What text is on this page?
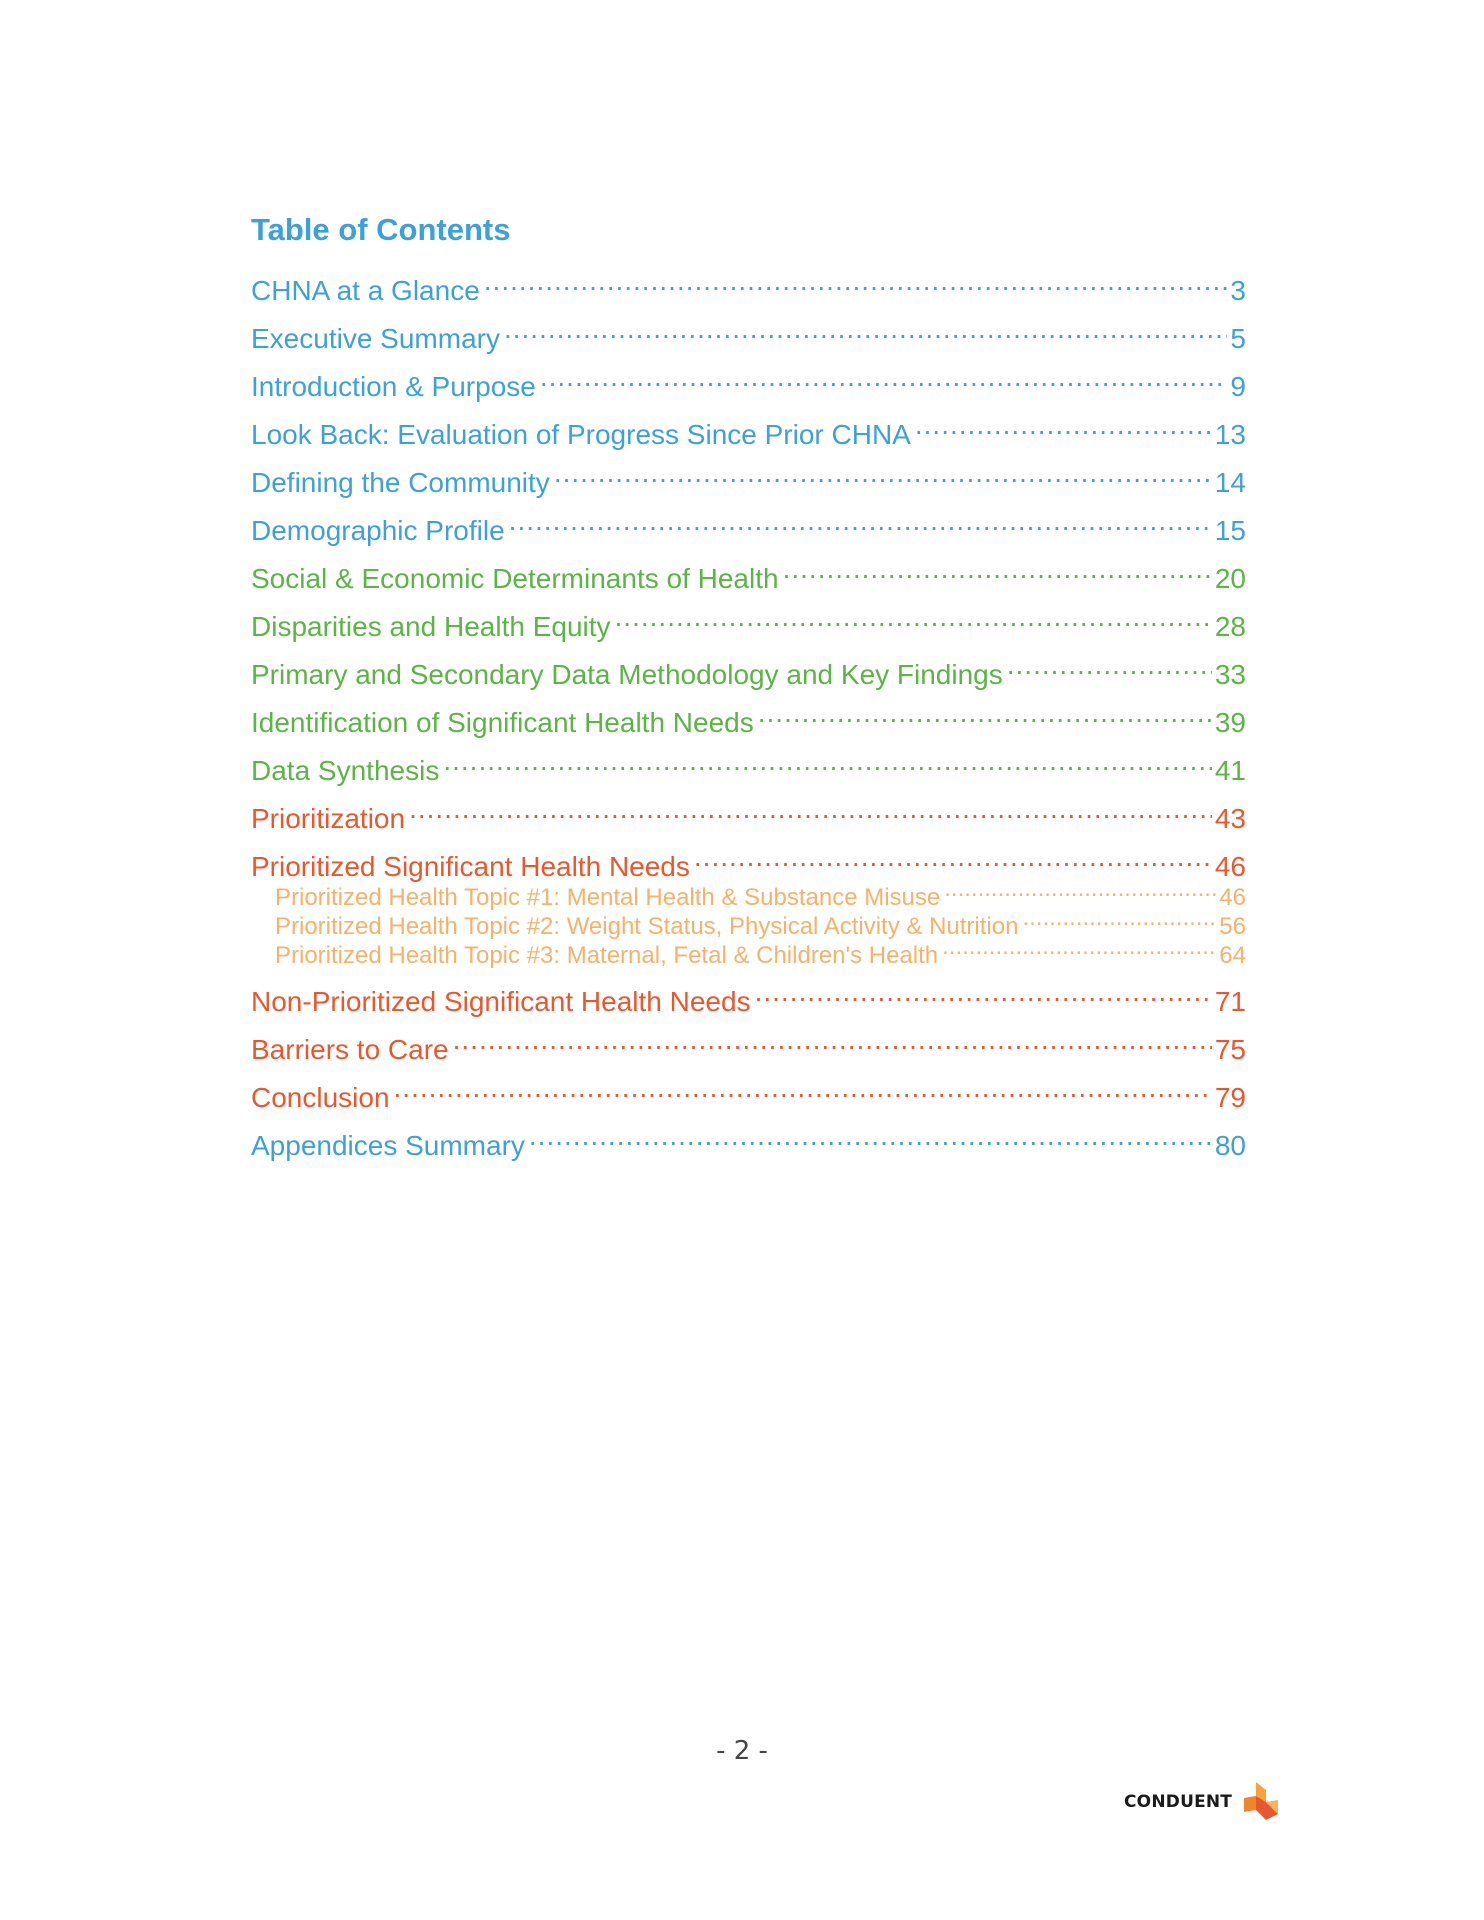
Table of Contents
CHNA at a Glance .....	3
Executive Summary .....	5
Introduction & Purpose .....	9
Look Back: Evaluation of Progress Since Prior CHNA .....	13
Defining the Community .....	14
Demographic Profile .....	15
Social & Economic Determinants of Health .....	20
Disparities and Health Equity .....	28
Primary and Secondary Data Methodology and Key Findings .....	33
Identification of Significant Health Needs .....	39
Data Synthesis .....	41
Prioritization .....	43
Prioritized Significant Health Needs .....	46
Prioritized Health Topic #1: Mental Health & Substance Misuse .....	46
Prioritized Health Topic #2: Weight Status, Physical Activity & Nutrition .....	56
Prioritized Health Topic #3: Maternal, Fetal & Children's Health .....	64
Non-Prioritized Significant Health Needs .....	71
Barriers to Care .....	75
Conclusion .....	79
Appendices Summary .....	80
- 2 -
CONDUENT
